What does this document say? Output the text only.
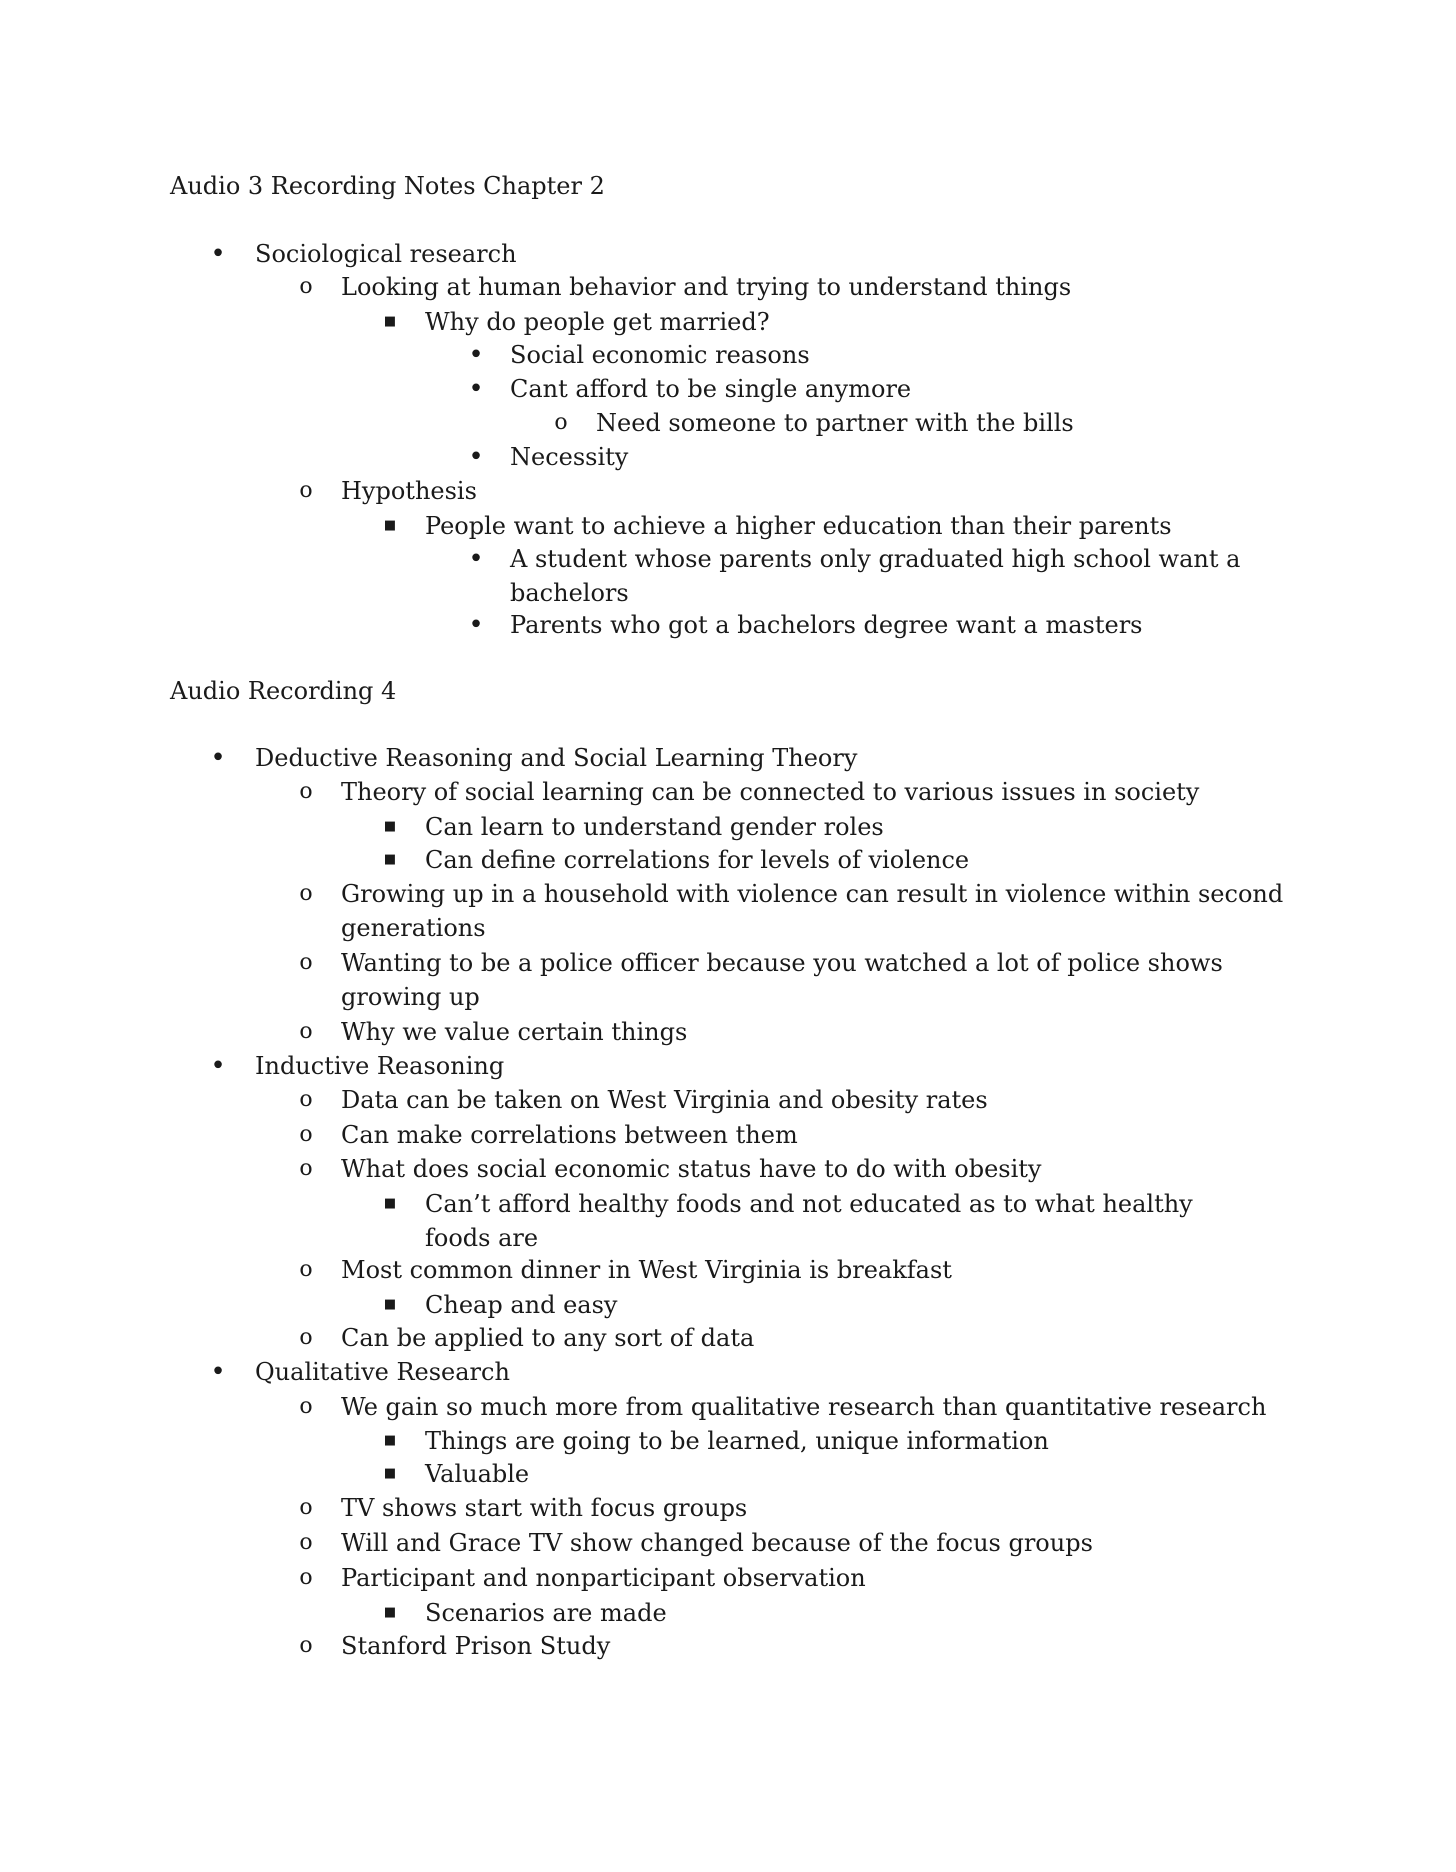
Audio 3 Recording Notes Chapter 2
• Sociological research
o Looking at human behavior and trying to understand things
■ Why do people get married?
• Social economic reasons
• Cant afford to be single anymore
o Need someone to partner with the bills
• Necessity
o Hypothesis
■ People want to achieve a higher education than their parents
• A student whose parents only graduated high school want a bachelors
• Parents who got a bachelors degree want a masters
Audio Recording 4
• Deductive Reasoning and Social Learning Theory
o Theory of social learning can be connected to various issues in society
■ Can learn to understand gender roles
■ Can define correlations for levels of violence
o Growing up in a household with violence can result in violence within second generations
o Wanting to be a police officer because you watched a lot of police shows growing up
o Why we value certain things
• Inductive Reasoning
o Data can be taken on West Virginia and obesity rates
o Can make correlations between them
o What does social economic status have to do with obesity
■ Can’t afford healthy foods and not educated as to what healthy foods are
o Most common dinner in West Virginia is breakfast
■ Cheap and easy
o Can be applied to any sort of data
• Qualitative Research
o We gain so much more from qualitative research than quantitative research
■ Things are going to be learned, unique information
■ Valuable
o TV shows start with focus groups
o Will and Grace TV show changed because of the focus groups
o Participant and nonparticipant observation
■ Scenarios are made
o Stanford Prison Study
